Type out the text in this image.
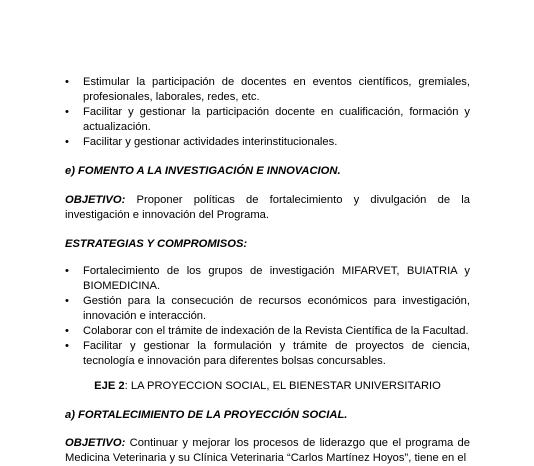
•	Estimular la participación de docentes en eventos científicos, gremiales, profesionales, laborales, redes, etc.
•	Facilitar y gestionar la participación docente en cualificación, formación y actualización.
•	Facilitar y gestionar actividades interinstitucionales.
e) FOMENTO A LA INVESTIGACIÓN E INNOVACION.
OBJETIVO: Proponer políticas de fortalecimiento y divulgación de la investigación e innovación del Programa.
ESTRATEGIAS Y COMPROMISOS:
•	Fortalecimiento de los grupos de investigación MIFARVET, BUIATRIA y BIOMEDICINA.
•	Gestión para la consecución de recursos económicos para investigación, innovación e interacción.
•	Colaborar con el trámite de indexación de la Revista Científica de la Facultad.
•	Facilitar y gestionar la formulación y trámite de proyectos de ciencia, tecnología e innovación para diferentes bolsas concursables.
EJE 2: LA PROYECCION SOCIAL, EL BIENESTAR UNIVERSITARIO
a) FORTALECIMIENTO DE LA PROYECCIÓN SOCIAL.
OBJETIVO: Continuar y mejorar los procesos de liderazgo que el programa de Medicina Veterinaria y su Clínica Veterinaria “Carlos Martínez Hoyos”, tiene en el
